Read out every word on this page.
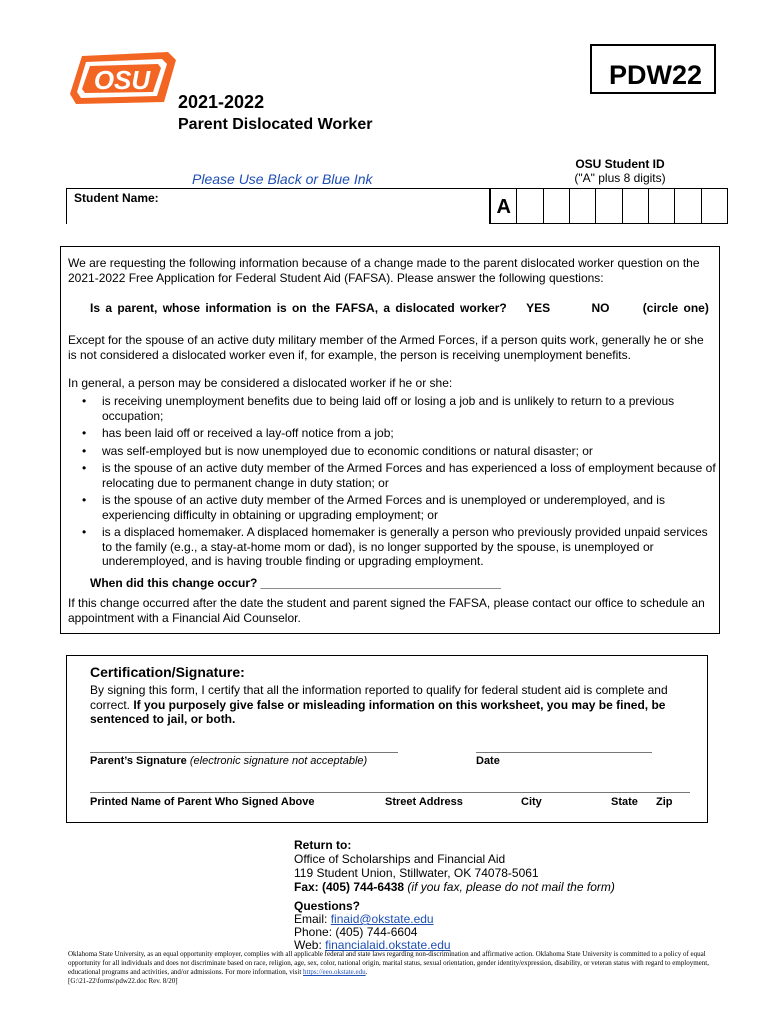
OSU	PDW22
2021-2022
Parent Dislocated Worker
Please Use Black or Blue Ink
OSU Student ID
("A" plus 8 digits)
Student Name:	A
We are requesting the following information because of a change made to the parent dislocated worker question on the 2021-2022 Free Application for Federal Student Aid (FAFSA). Please answer the following questions:
Is a parent, whose information is on the FAFSA, a dislocated worker? YES	NO	(circle one)
Except for the spouse of an active duty military member of the Armed Forces, if a person quits work, generally he or she is not considered a dislocated worker even if, for example, the person is receiving unemployment benefits.
In general, a person may be considered a dislocated worker if he or she:
• is receiving unemployment benefits due to being laid off or losing a job and is unlikely to return to a previous occupation;
• has been laid off or received a lay-off notice from a job;
• was self-employed but is now unemployed due to economic conditions or natural disaster; or
• is the spouse of an active duty member of the Armed Forces and has experienced a loss of employment because of relocating due to permanent change in duty station; or
• is the spouse of an active duty member of the Armed Forces and is unemployed or underemployed, and is experiencing difficulty in obtaining or upgrading employment; or
• is a displaced homemaker. A displaced homemaker is generally a person who previously provided unpaid services to the family (e.g., a stay-at-home mom or dad), is no longer supported by the spouse, is unemployed or underemployed, and is having trouble finding or upgrading employment.
When did this change occur? ____________________________________
If this change occurred after the date the student and parent signed the FAFSA, please contact our office to schedule an appointment with a Financial Aid Counselor.
Certification/Signature:
By signing this form, I certify that all the information reported to qualify for federal student aid is complete and correct. If you purposely give false or misleading information on this worksheet, you may be fined, be sentenced to jail, or both.
Parent’s Signature (electronic signature not acceptable)	Date
Printed Name of Parent Who Signed Above	Street Address	City	State Zip
Return to:
Office of Scholarships and Financial Aid
119 Student Union, Stillwater, OK 74078-5061
Fax: (405) 744-6438 (if you fax, please do not mail the form)
Questions?
Email: finaid@okstate.edu
Phone: (405) 744-6604
Web: financialaid.okstate.edu
Oklahoma State University, as an equal opportunity employer, complies with all applicable federal and state laws regarding non-discrimination and affirmative action. Oklahoma State University is committed to a policy of equal opportunity for all individuals and does not discriminate based on race, religion, age, sex, color, national origin, marital status, sexual orientation, gender identity/expression, disability, or veteran status with regard to employment, educational programs and activities, and/or admissions. For more information, visit https://eeo.okstate.edu.
[G:\21-22\forms\pdw22.doc Rev. 8/20]
